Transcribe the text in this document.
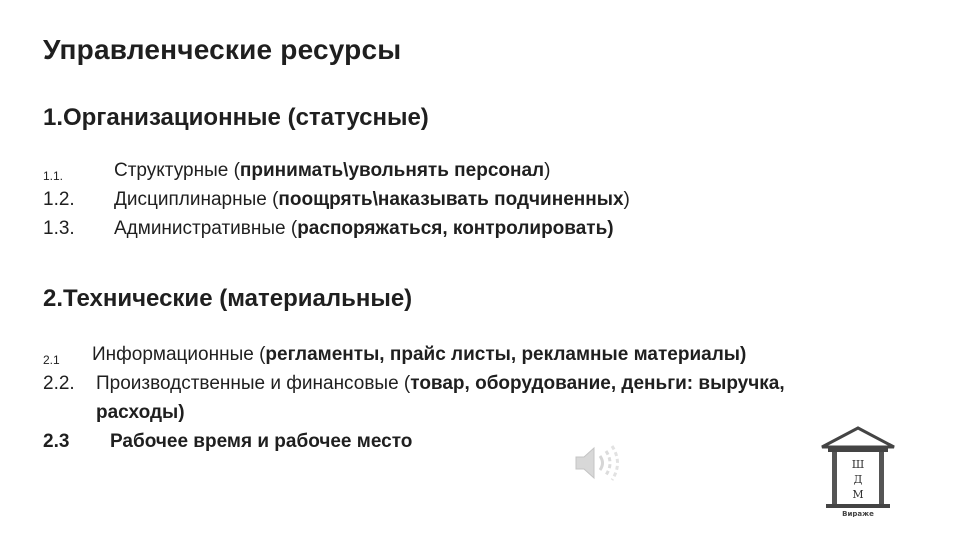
Управленческие ресурсы
1.Организационные (статусные)
1.1.	Структурные (принимать\увольнять персонал)
1.2. Дисциплинарные (поощрять\наказывать подчиненных)
1.3. Административные (распоряжаться, контролировать)
2.Технические (материальные)
2.1 Информационные (регламенты, прайс листы, рекламные материалы)
2.2. Производственные и финансовые (товар, оборудование, деньги: выручка,
расходы)
2.3 Рабочее время и рабочее место
Ш
Д
М
Вираже
